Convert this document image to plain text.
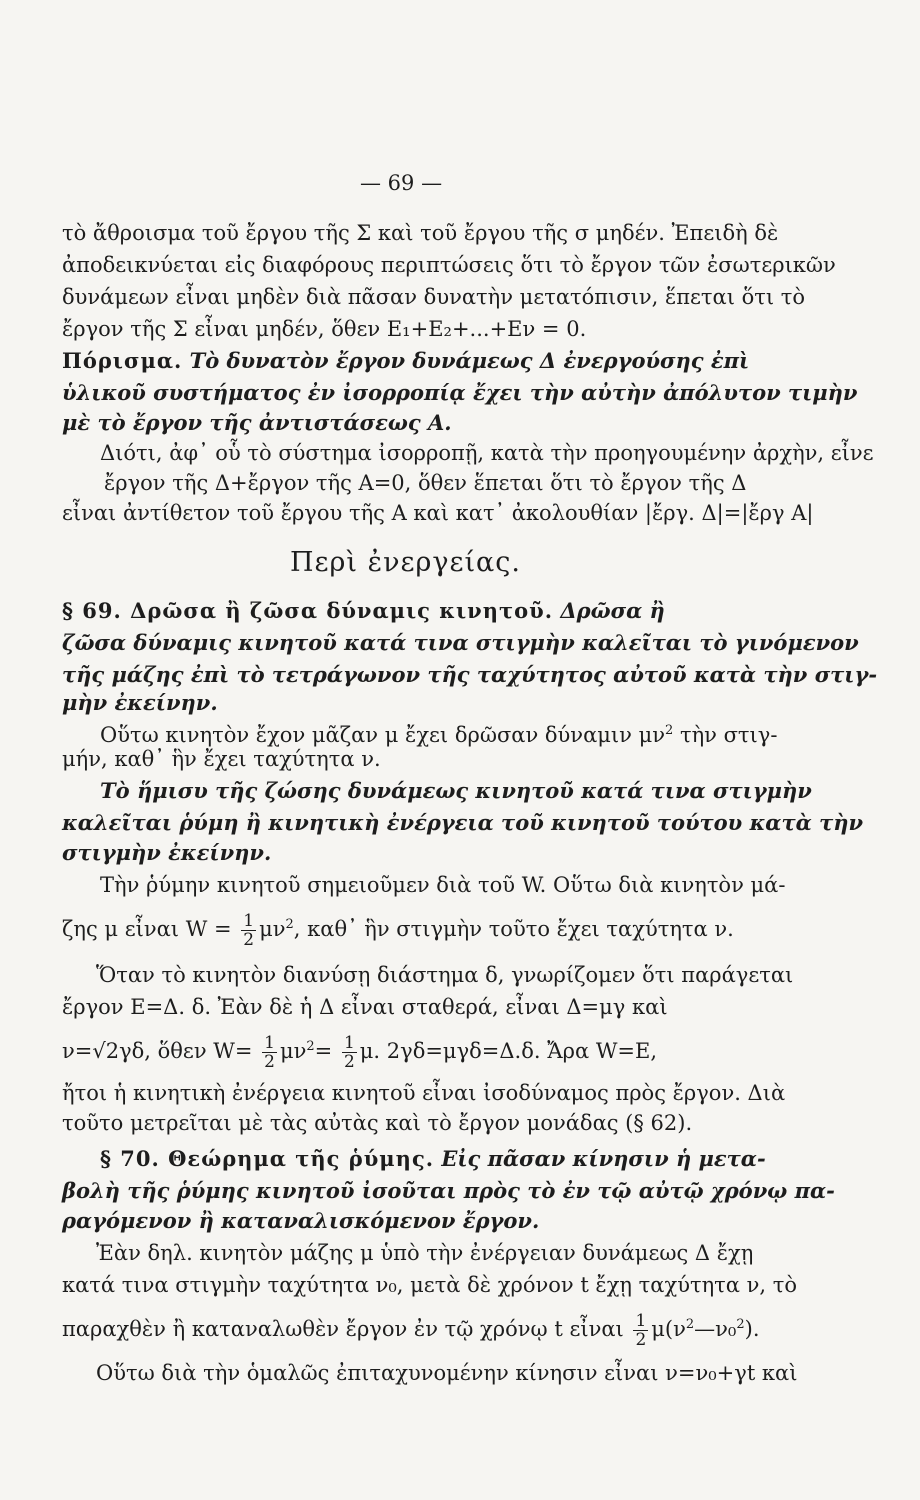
— 69 —
τὸ ἄθροισμα τοῦ ἔργου τῆς Σ καὶ τοῦ ἔργου τῆς σ μηδέν. Ἐπειδὴ δὲ
ἀποδεικνύεται εἰς διαφόρους περιπτώσεις ὅτι τὸ ἔργον τῶν ἐσωτερικῶν
δυνάμεων εἶναι μηδὲν διὰ πᾶσαν δυνατὴν μετατόπισιν, ἕπεται ὅτι τὸ
ἔργον τῆς Σ εἶναι μηδέν, ὅθεν Ε₁+Ε₂+...+Εν = 0.
Πόρισμα. Τὸ δυνατὸν ἔργον δυνάμεως Δ ἐνεργούσης ἐπὶ
ὑλικοῦ συστήματος ἐν ἰσορροπίᾳ ἔχει τὴν αὐτὴν ἀπόλυτον τιμὴν
μὲ τὸ ἔργον τῆς ἀντιστάσεως Α.
Διότι, ἀφ᾽ οὗ τὸ σύστημα ἰσορροπῇ, κατὰ τὴν προηγουμένην ἀρχὴν, εἶνε
ἔργον τῆς Δ+ἔργον τῆς Α=0, ὅθεν ἕπεται ὅτι τὸ ἔργον τῆς Δ
εἶναι ἀντίθετον τοῦ ἔργου τῆς Α καὶ κατ᾽ ἀκολουθίαν |ἔργ. Δ|=|ἔργ Α|
Περὶ ἐνεργείας.
§ 69. Δρῶσα ἢ ζῶσα δύναμις κινητοῦ. Δρῶσα ἢ
ζῶσα δύναμις κινητοῦ κατά τινα στιγμὴν καλεῖται τὸ γινόμενον
τῆς μάζης ἐπὶ τὸ τετράγωνον τῆς ταχύτητος αὐτοῦ κατὰ τὴν στιγ-
μὴν ἐκείνην.
Οὕτω κινητὸν ἔχον μᾶζαν μ ἔχει δρῶσαν δύναμιν $\mu\nu^2$ τὴν στιγ-
μήν, καθ᾽ ἣν ἔχει ταχύτητα ν.
Τὸ ἥμισυ τῆς ζώσης δυνάμεως κινητοῦ κατά τινα στιγμὴν
καλεῖται ῥύμη ἢ κινητικὴ ἐνέργεια τοῦ κινητοῦ τούτου κατὰ τὴν
στιγμὴν ἐκείνην.
Τὴν ῥύμην κινητοῦ σημειοῦμεν διὰ τοῦ W. Οὕτω διὰ κινητὸν μά-
ζης μ εἶναι $W = \frac{1}{2} \mu\nu^2$, καθ᾽ ἣν στιγμὴν τοῦτο ἔχει ταχύτητα ν.
Ὅταν τὸ κινητὸν διανύσῃ διάστημα δ, γνωρίζομεν ὅτι παράγεται
ἔργον Ε=Δ. δ. Ἐὰν δὲ ἡ Δ εἶναι σταθερά, εἶναι Δ=μγ καὶ
ν=√2γδ, ὅθεν $W= \frac{1}{2} \mu\nu^2= \frac{1}{2} \mu$. 2γδ=μγδ=Δ.δ. Ἄρα W=Ε,
ἤτοι ἡ κινητικὴ ἐνέργεια κινητοῦ εἶναι ἰσοδύναμος πρὸς ἔργον. Διὰ
τοῦτο μετρεῖται μὲ τὰς αὐτὰς καὶ τὸ ἔργον μονάδας (§ 62).
§ 70. Θεώρημα τῆς ῥύμης. Εἰς πᾶσαν κίνησιν ἡ μετα-
βολὴ τῆς ῥύμης κινητοῦ ἰσοῦται πρὸς τὸ ἐν τῷ αὐτῷ χρόνῳ πα-
ραγόμενον ἢ καταναλισκόμενον ἔργον.
Ἐὰν δηλ. κινητὸν μάζης μ ὑπὸ τὴν ἐνέργειαν δυνάμεως Δ ἔχῃ
κατά τινα στιγμὴν ταχύτητα ν₀, μετὰ δὲ χρόνον t ἔχῃ ταχύτητα ν, τὸ
παραχθὲν ἢ καταναλωθὲν ἔργον ἐν τῷ χρόνῳ t εἶναι $\frac{1}{2}$ $\mu(\nu^2—\nu_0^2)$.
Οὕτω διὰ τὴν ὁμαλῶς ἐπιταχυνομένην κίνησιν εἶναι ν=ν₀+γt καὶ
